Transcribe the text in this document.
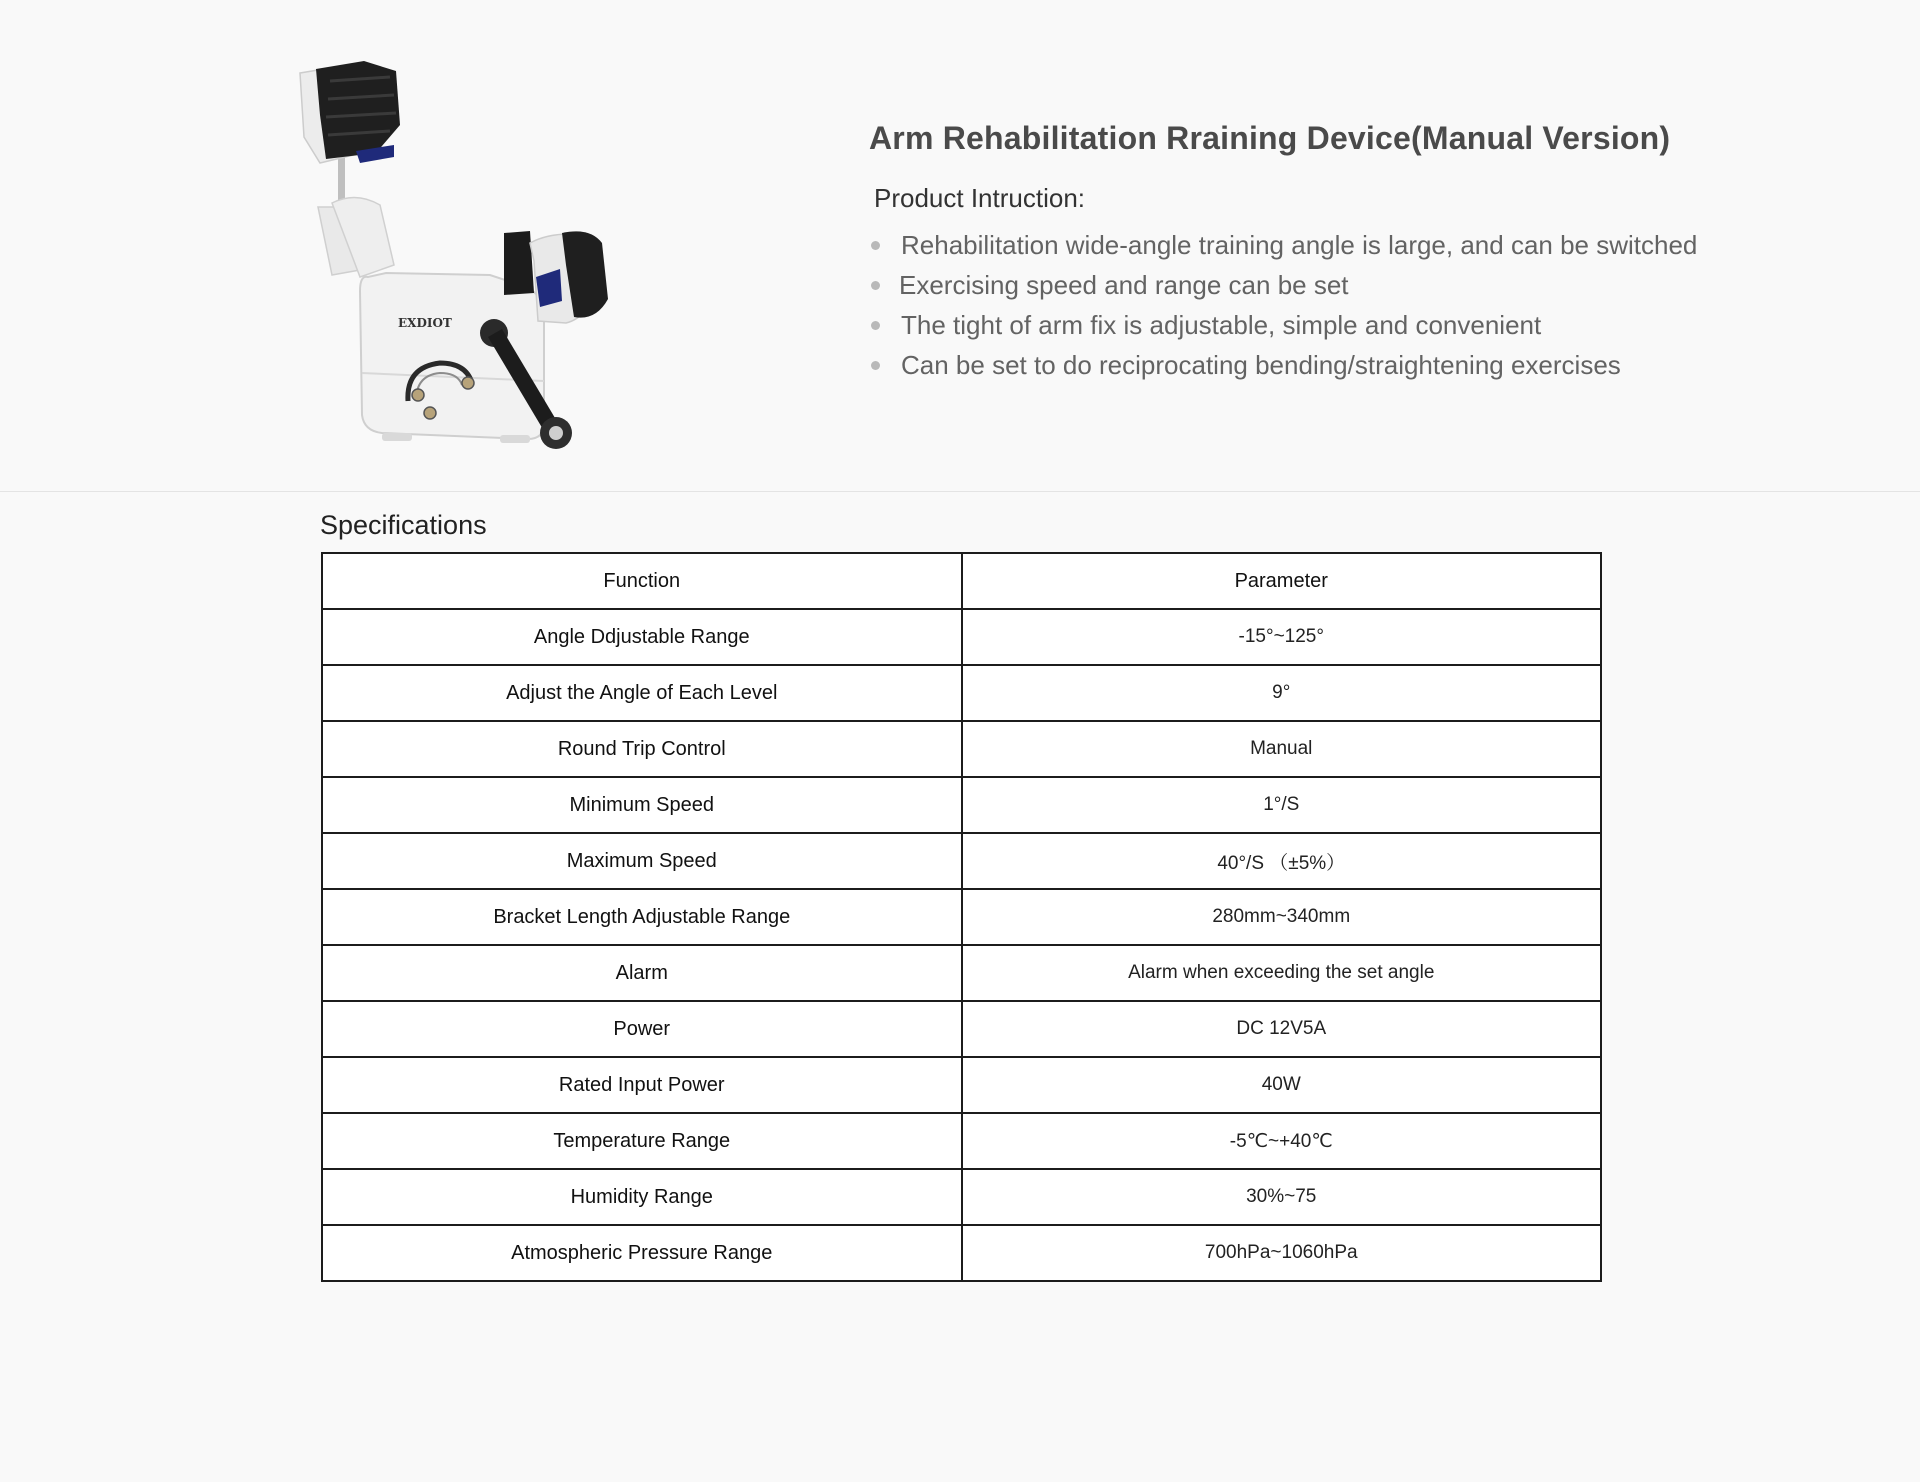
EXDIOT
Arm Rehabilitation Rraining Device(Manual Version)
Product Intruction:
Rehabilitation wide-angle training angle is large, and can be switched
Exercising speed and range can be set
The tight of arm fix is adjustable, simple and convenient
Can be set to do reciprocating bending/straightening exercises
Specifications
Function	Parameter
Angle Ddjustable Range	-15°~125°
Adjust the Angle of Each Level	9°
Round Trip Control	Manual
Minimum Speed	1°/S
Maximum Speed	40°/S （±5%）
Bracket Length Adjustable Range	280mm~340mm
Alarm	Alarm when exceeding the set angle
Power	DC 12V5A
Rated Input Power	40W
Temperature Range	-5℃~+40℃
Humidity Range	30%~75
Atmospheric Pressure Range	700hPa~1060hPa
